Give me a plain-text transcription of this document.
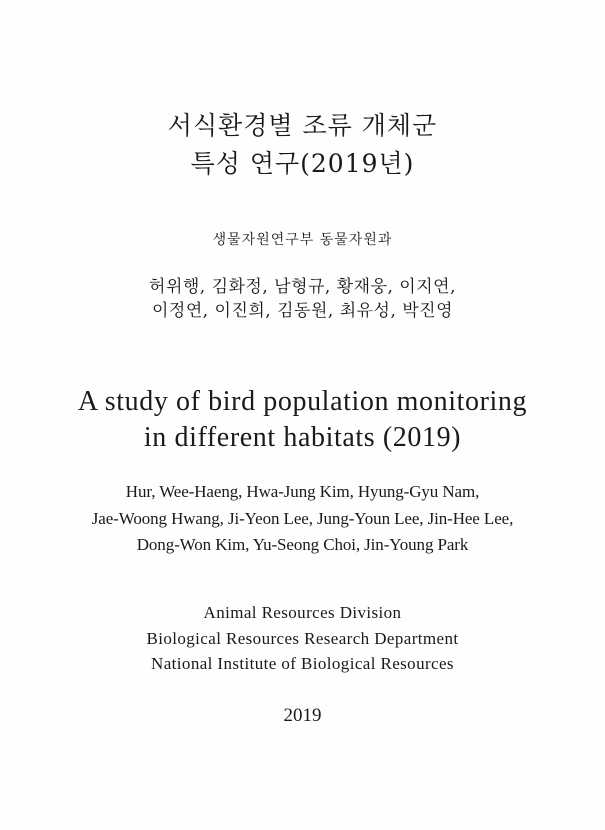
서식환경별 조류 개체군
특성 연구(2019년)
생물자원연구부 동물자원과
허위행, 김화정, 남형규, 황재웅, 이지연,
이정연, 이진희, 김동원, 최유성, 박진영
A study of bird population monitoring
in different habitats (2019)
Hur, Wee-Haeng, Hwa-Jung Kim, Hyung-Gyu Nam,
Jae-Woong Hwang, Ji-Yeon Lee, Jung-Youn Lee, Jin-Hee Lee,
Dong-Won Kim, Yu-Seong Choi, Jin-Young Park
Animal Resources Division
Biological Resources Research Department
National Institute of Biological Resources
2019
